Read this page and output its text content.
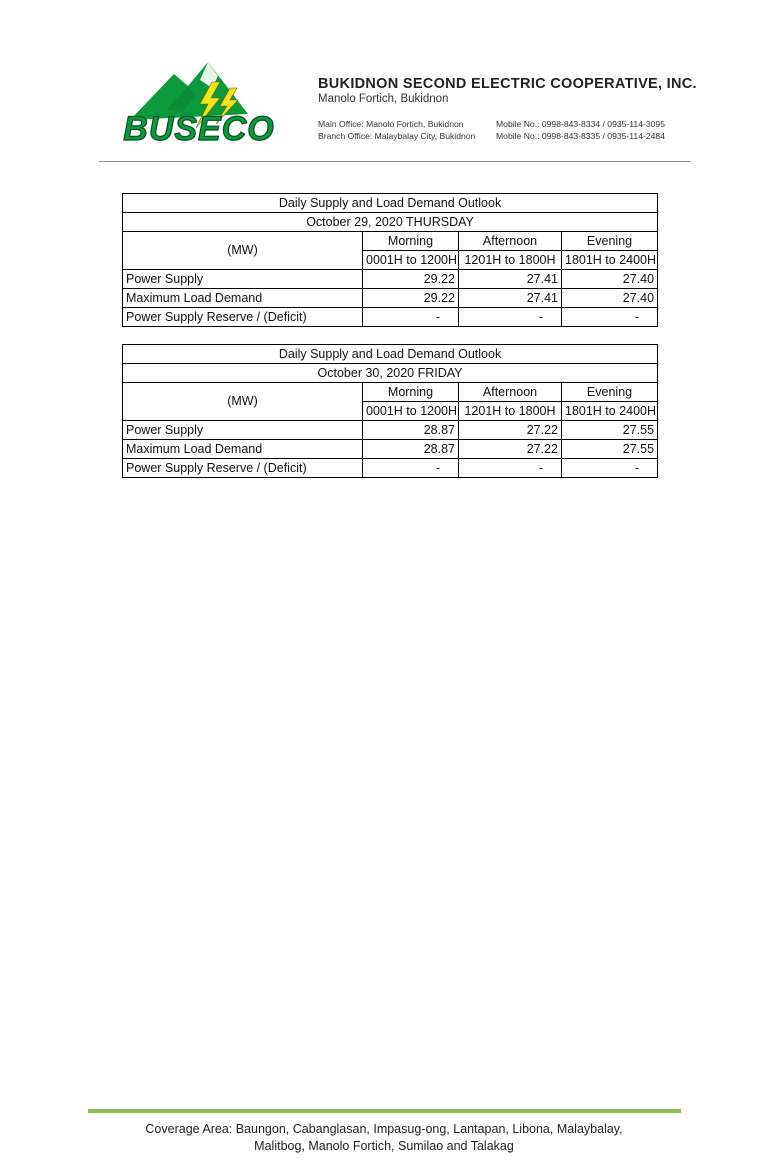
BUSECO
BUKIDNON SECOND ELECTRIC COOPERATIVE, INC.
Manolo Fortich, Bukidnon
Main Office: Manolo Fortich, Bukidnon
Branch Office: Malaybalay City, Bukidnon
Mobile No.: 0998-843-8334 / 0935-114-3095
Mobile No.: 0998-843-8335 / 0935-114-2484
Daily Supply and Load Demand Outlook			
October 29, 2020 THURSDAY			
(MW)	Morning	Afternoon	Evening
	0001H to 1200H	1201H to 1800H	1801H to 2400H
Power Supply	29.22	27.41	27.40
Maximum Load Demand	29.22	27.41	27.40
Power Supply Reserve / (Deficit)	-	-	-
Daily Supply and Load Demand Outlook			
October 30, 2020 FRIDAY			
(MW)	Morning	Afternoon	Evening
	0001H to 1200H	1201H to 1800H	1801H to 2400H
Power Supply	28.87	27.22	27.55
Maximum Load Demand	28.87	27.22	27.55
Power Supply Reserve / (Deficit)	-	-	-
Coverage Area: Baungon, Cabanglasan, Impasug-ong, Lantapan, Libona, Malaybalay,
Malitbog, Manolo Fortich, Sumilao and Talakag
